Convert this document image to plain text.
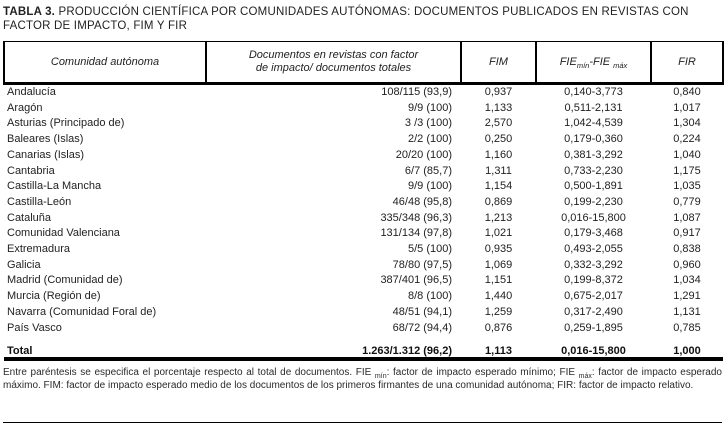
TABLA 3. PRODUCCIÓN CIENTÍFICA POR COMUNIDADES AUTÓNOMAS: DOCUMENTOS PUBLICADOS EN REVISTAS CON FACTOR DE IMPACTO, FIM Y FIR
Comunidad autónoma	Documentos en revistas con factor de impacto/ documentos totales	FIM	$FIE_{mín}$-FIE $_{máx}$	FIR
Andalucía	108/115 (93,9)	0,937	0,140-3,773	0,840
Aragón	9/9 (100)	1,133	0,511-2,131	1,017
Asturias (Principado de)	3 /3 (100)	2,570	1,042-4,539	1,304
Baleares (Islas)	2/2 (100)	0,250	0,179-0,360	0,224
Canarias (Islas)	20/20 (100)	1,160	0,381-3,292	1,040
Cantabria	6/7 (85,7)	1,311	0,733-2,230	1,175
Castilla-La Mancha	9/9 (100)	1,154	0,500-1,891	1,035
Castilla-León	46/48 (95,8)	0,869	0,199-2,230	0,779
Cataluña	335/348 (96,3)	1,213	0,016-15,800	1,087
Comunidad Valenciana	131/134 (97,8)	1,021	0,179-3,468	0,917
Extremadura	5/5 (100)	0,935	0,493-2,055	0,838
Galicia	78/80 (97,5)	1,069	0,332-3,292	0,960
Madrid (Comunidad de)	387/401 (96,5)	1,151	0,199-8,372	1,034
Murcia (Región de)	8/8 (100)	1,440	0,675-2,017	1,291
Navarra (Comunidad Foral de)	48/51 (94,1)	1,259	0,317-2,490	1,131
País Vasco	68/72 (94,4)	0,876	0,259-1,895	0,785
Total	1.263/1.312 (96,2)	1,113	0,016-15,800	1,000
Entre paréntesis se especifica el porcentaje respecto al total de documentos. FIE $_{mín}$: factor de impacto esperado mínimo; FIE $_{máx}$: factor de impacto esperado máximo. FIM: factor de impacto esperado medio de los documentos de los primeros firmantes de una comunidad autónoma; FIR: factor de impacto relativo.
